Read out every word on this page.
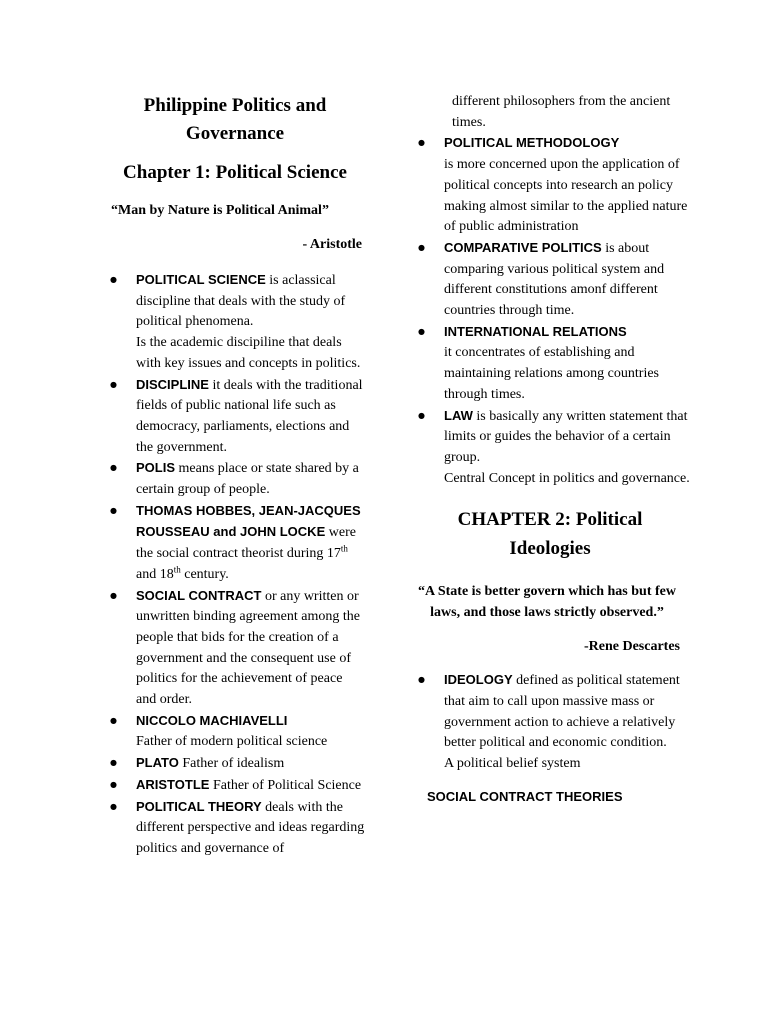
Philippine Politics and
Governance
Chapter 1: Political Science
“Man by Nature is Political Animal”
- Aristotle
● POLITICAL SCIENCE is aclassical discipline that deals with the study of political phenomena.
Is the academic discipiline that deals with key issues and concepts in politics.
● DISCIPLINE it deals with the traditional fields of public national life such as democracy, parliaments, elections and the government.
● POLIS means place or state shared by a certain group of people.
● THOMAS HOBBES, JEAN-JACQUES ROUSSEAU and JOHN LOCKE were the social contract theorist during 17th and 18th century.
● SOCIAL CONTRACT or any written or unwritten binding agreement among the people that bids for the creation of a government and the consequent use of politics for the achievement of peace and order.
● NICCOLO MACHIAVELLI
Father of modern political science
● PLATO Father of idealism
● ARISTOTLE Father of Political Science
● POLITICAL THEORY deals with the different perspective and ideas regarding politics and governance of
different philosophers from the ancient times.
● POLITICAL METHODOLOGY
is more concerned upon the application of political concepts into research an policy making almost similar to the applied nature of public administration
● COMPARATIVE POLITICS is about comparing various political system and different constitutions amonf different countries through time.
● INTERNATIONAL RELATIONS
it concentrates of establishing and maintaining relations among countries through times.
● LAW is basically any written statement that limits or guides the behavior of a certain group.
Central Concept in politics and governance.
CHAPTER 2: Political
Ideologies
“A State is better govern which has but few laws, and those laws strictly observed.”
-Rene Descartes
● IDEOLOGY defined as political statement that aim to call upon massive mass or government action to achieve a relatively better political and economic condition.
A political belief system
SOCIAL CONTRACT THEORIES
